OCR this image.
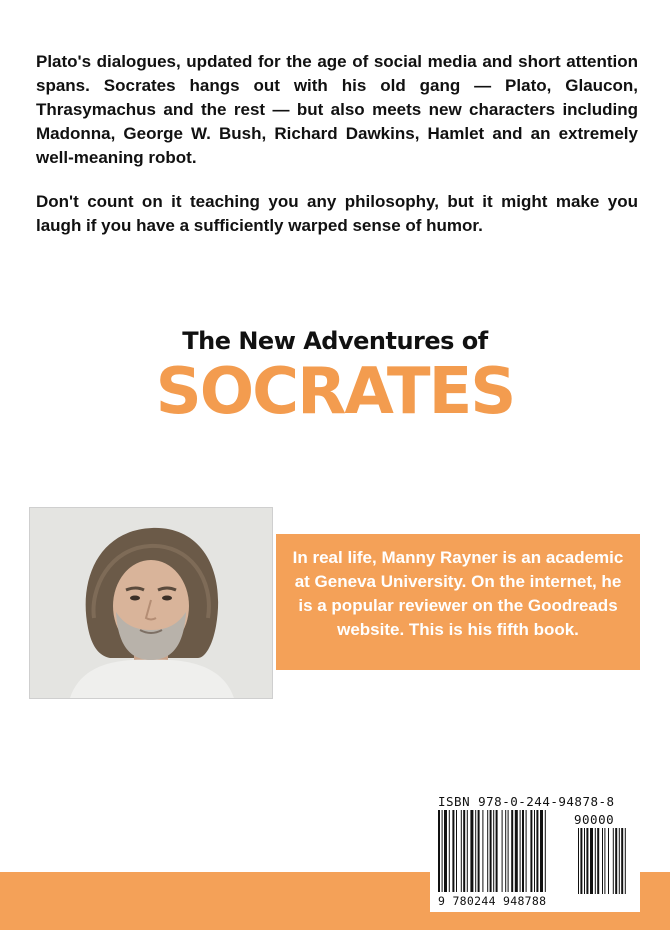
Plato's dialogues, updated for the age of social media and short attention spans. Socrates hangs out with his old gang — Plato, Glaucon, Thrasymachus and the rest — but also meets new characters including Madonna, George W. Bush, Richard Dawkins, Hamlet and an extremely well-meaning robot.

Don't count on it teaching you any philosophy, but it might make you laugh if you have a sufficiently warped sense of humor.

The New Adventures of
SOCRATES

In real life, Manny Rayner is an academic at Geneva University. On the internet, he is a popular reviewer on the Goodreads website. This is his fifth book.

ISBN 978-0-244-94878-8
90000
9 780244 948788
